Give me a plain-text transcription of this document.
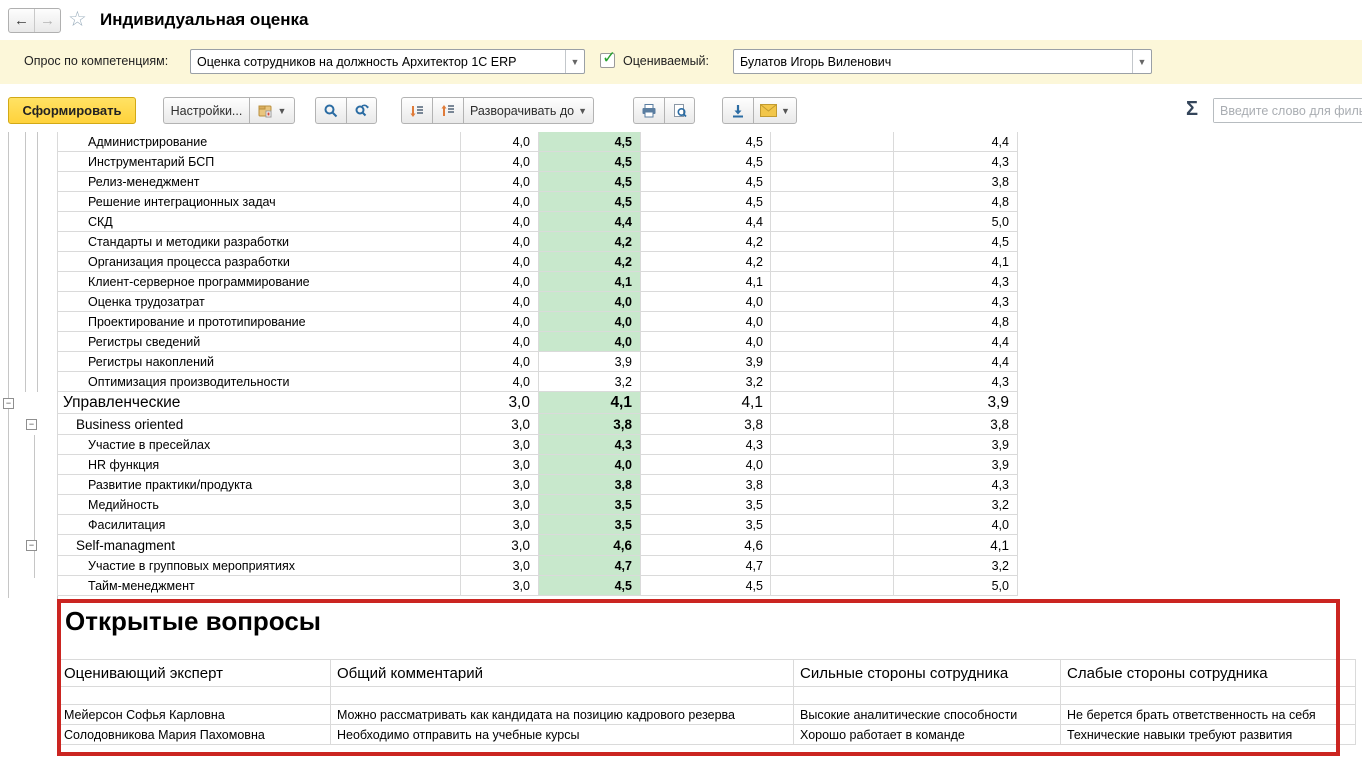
← → ☆ Индивидуальная оценка
Опрос по компетенциям:
Оценка сотрудников на должность Архитектор 1С ERP	▼ ✓ Оцениваемый:
Булатов Игорь Виленович	▼
Сформировать	Настройки...	▼	Разворачивать до ▼	▼	Σ
Введите слово для фильтра
Администрирование	4,0	4,5	4,5	4,4
Инструментарий БСП	4,0	4,5	4,5	4,3
Релиз-менеджмент	4,0	4,5	4,5	3,8
Решение интеграционных задач	4,0	4,5	4,5	4,8
СКД	4,0	4,4	4,4	5,0
Стандарты и методики разработки	4,0	4,2	4,2	4,5
Организация процесса разработки	4,0	4,2	4,2	4,1
Клиент-серверное программирование	4,0	4,1	4,1	4,3
Оценка трудозатрат	4,0	4,0	4,0	4,3
Проектирование и прототипирование	4,0	4,0	4,0	4,8
Регистры сведений	4,0	4,0	4,0	4,4
Регистры накоплений	4,0	3,9	3,9	4,4
Оптимизация производительности	4,0	3,2	3,2	4,3
−	Управленческие	3,0	4,1	4,1	3,9
−	Business oriented	3,0	3,8	3,8	3,8
Участие в пресейлах	3,0	4,3	4,3	3,9
HR функция	3,0	4,0	4,0	3,9
Развитие практики/продукта	3,0	3,8	3,8	4,3
Медийность	3,0	3,5	3,5	3,2
Фасилитация	3,0	3,5	3,5	4,0
−	Self-managment	3,0	4,6	4,6	4,1
Участие в групповых мероприятиях	3,0	4,7	4,7	3,2
Тайм-менеджмент	3,0	4,5	4,5	5,0
Открытые вопросы
Оценивающий эксперт	Общий комментарий	Сильные стороны сотрудника	Слабые стороны сотрудника
Мейерсон Софья Карловна	Можно рассматривать как кандидата на позицию кадрового резерва	Высокие аналитические способности	Не берется брать ответственность на себя
Солодовникова Мария Пахомовна	Необходимо отправить на учебные курсы	Хорошо работает в команде	Технические навыки требуют развития
